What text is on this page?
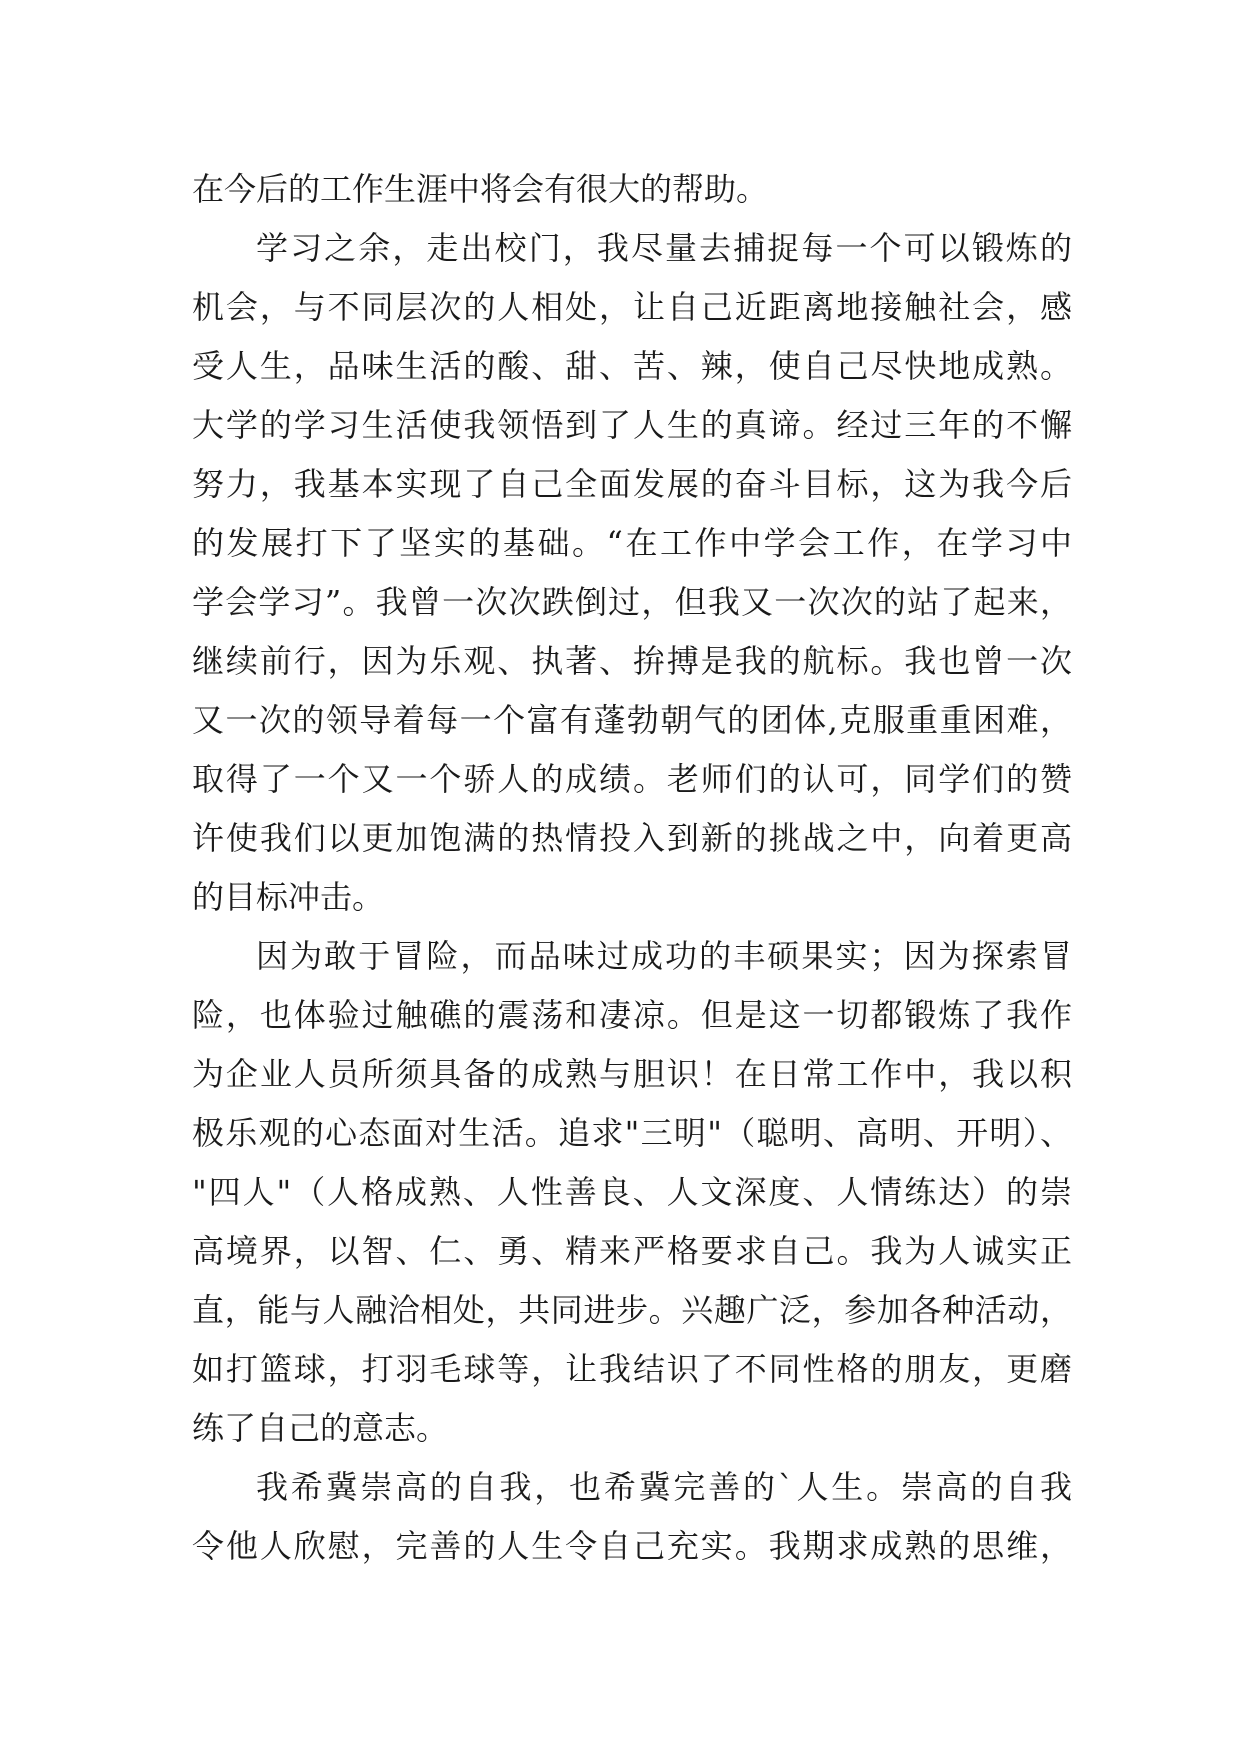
在今后的工作生涯中将会有很大的帮助。
学习之余，走出校门，我尽量去捕捉每一个可以锻炼的
机会，与不同层次的人相处，让自己近距离地接触社会，感
受人生，品味生活的酸、甜、苦、辣，使自己尽快地成熟。
大学的学习生活使我领悟到了人生的真谛。经过三年的不懈
努力，我基本实现了自己全面发展的奋斗目标，这为我今后
的发展打下了坚实的基础。“在工作中学会工作，在学习中
学会学习”。我曾一次次跌倒过，但我又一次次的站了起来，
继续前行，因为乐观、执著、拚搏是我的航标。我也曾一次
又一次的领导着每一个富有蓬勃朝气的团体,克服重重困难，
取得了一个又一个骄人的成绩。老师们的认可，同学们的赞
许使我们以更加饱满的热情投入到新的挑战之中，向着更高
的目标冲击。
因为敢于冒险，而品味过成功的丰硕果实；因为探索冒
险，也体验过触礁的震荡和凄凉。但是这一切都锻炼了我作
为企业人员所须具备的成熟与胆识！在日常工作中，我以积
极乐观的心态面对生活。追求"三明"（聪明、高明、开明）、
"四人"（人格成熟、人性善良、人文深度、人情练达）的崇
高境界，以智、仁、勇、精来严格要求自己。我为人诚实正
直，能与人融洽相处，共同进步。兴趣广泛，参加各种活动，
如打篮球，打羽毛球等，让我结识了不同性格的朋友，更磨
练了自己的意志。
我希冀崇高的自我，也希冀完善的`人生。崇高的自我
令他人欣慰，完善的人生令自己充实。我期求成熟的思维，
